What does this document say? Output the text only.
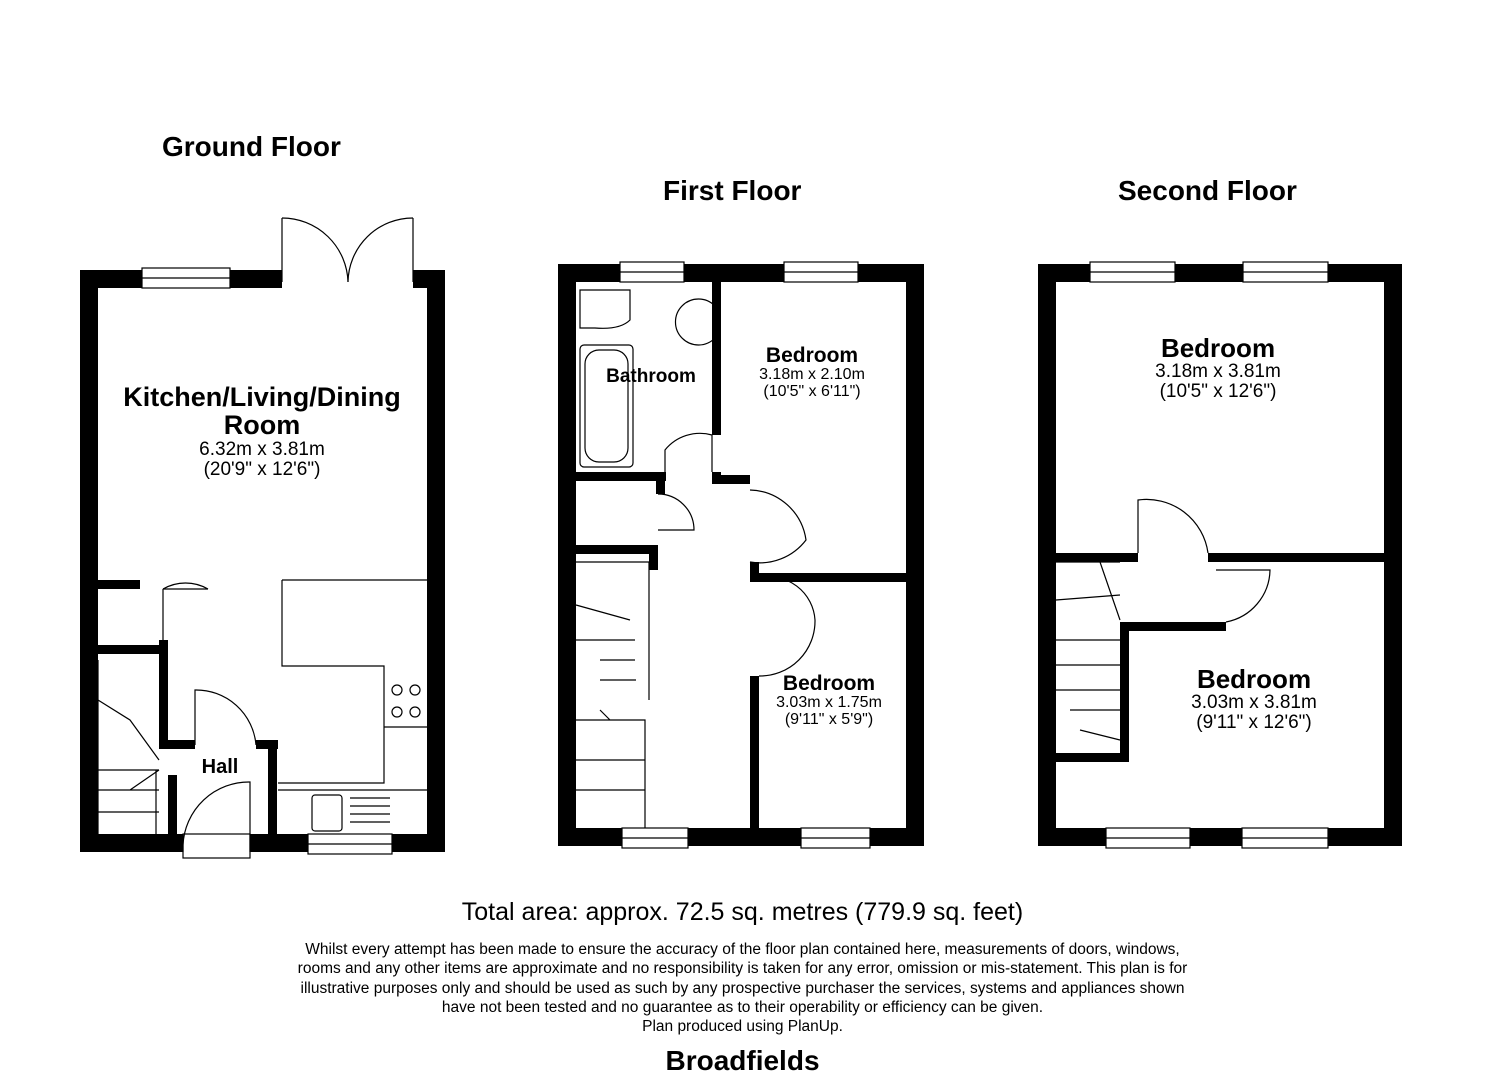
Ground Floor
First Floor	Second Floor
Kitchen/Living/Dining
Room
6.32m x 3.81m
(20'9" x 12'6")
Hall
Bathroom
Bedroom
3.18m x 2.10m
(10'5" x 6'11")
Bedroom
3.03m x 1.75m
(9'11" x 5'9")
Bedroom
3.18m x 3.81m
(10'5" x 12'6")
Bedroom
3.03m x 3.81m
(9'11" x 12'6")
Total area: approx. 72.5 sq. metres (779.9 sq. feet)
Whilst every attempt has been made to ensure the accuracy of the floor plan contained here, measurements of doors, windows,
rooms and any other items are approximate and no responsibility is taken for any error, omission or mis-statement. This plan is for
illustrative purposes only and should be used as such by any prospective purchaser the services, systems and appliances shown
have not been tested and no guarantee as to their operability or efficiency can be given.
Plan produced using PlanUp.
Broadfields
